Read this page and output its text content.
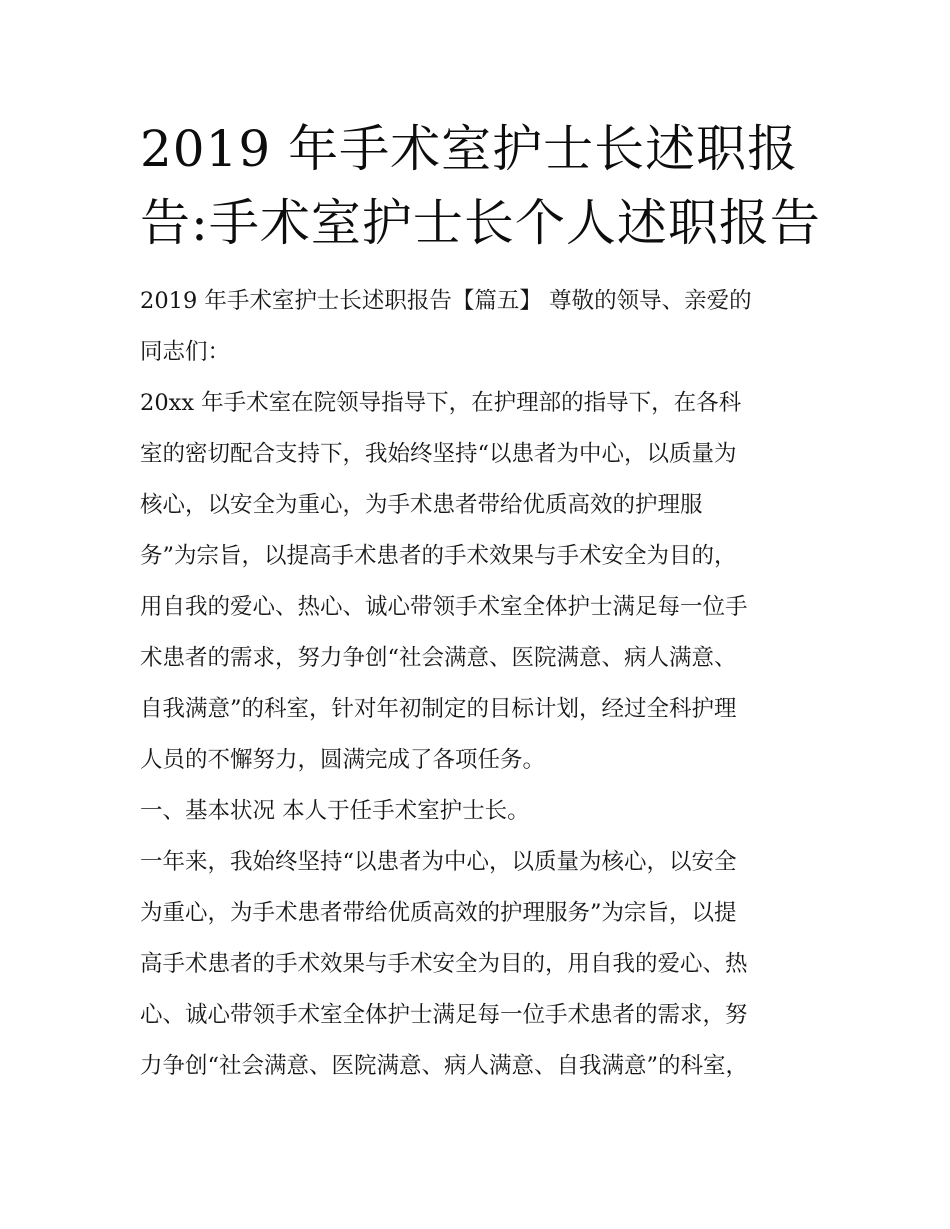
2019 年手术室护士长述职报
告:手术室护士长个人述职报告
2019 年手术室护士长述职报告【篇五】 尊敬的领导、亲爱的
同志们：
20xx 年手术室在院领导指导下，在护理部的指导下，在各科
室的密切配合支持下，我始终坚持“以患者为中心，以质量为
核心，以安全为重心，为手术患者带给优质高效的护理服
务”为宗旨，以提高手术患者的手术效果与手术安全为目的，
用自我的爱心、热心、诚心带领手术室全体护士满足每一位手
术患者的需求，努力争创“社会满意、医院满意、病人满意、
自我满意”的科室，针对年初制定的目标计划，经过全科护理
人员的不懈努力，圆满完成了各项任务。
一、基本状况 本人于任手术室护士长。
一年来，我始终坚持“以患者为中心，以质量为核心，以安全
为重心，为手术患者带给优质高效的护理服务”为宗旨，以提
高手术患者的手术效果与手术安全为目的，用自我的爱心、热
心、诚心带领手术室全体护士满足每一位手术患者的需求，努
力争创“社会满意、医院满意、病人满意、自我满意”的科室，
